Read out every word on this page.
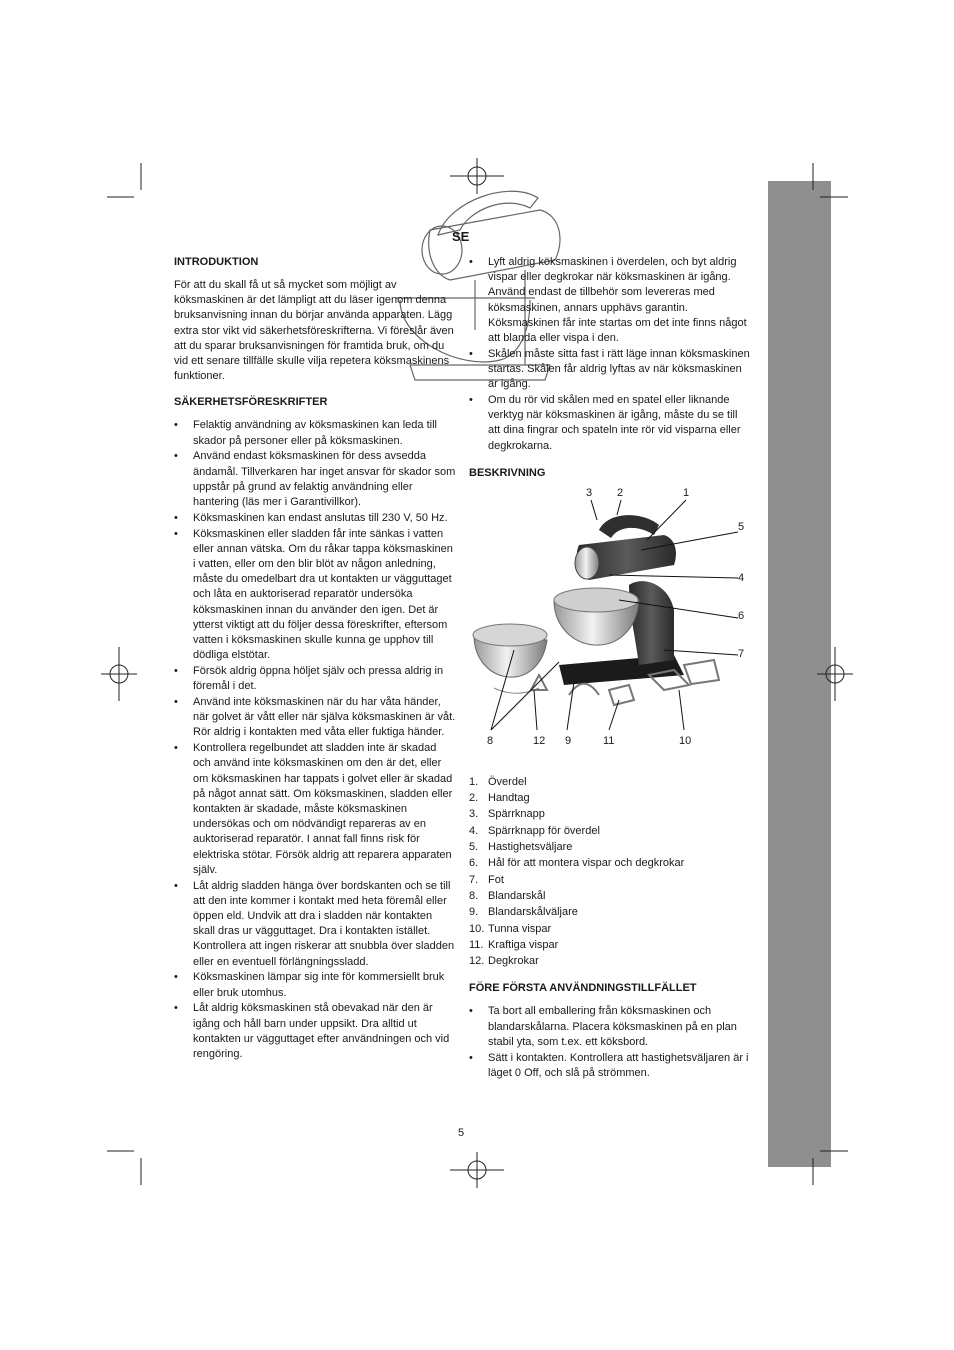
SE
INTRODUKTION

För att du skall få ut så mycket som möjligt av köksmaskinen är det lämpligt att du läser igenom denna bruksanvisning innan du börjar använda apparaten. Lägg extra stor vikt vid säkerhetsföreskrifterna. Vi föreslår även att du sparar bruksanvisningen för framtida bruk, om du vid ett senare tillfälle skulle vilja repetera köksmaskinens funktioner.

SÄKERHETSFÖRESKRIFTER
• Felaktig användning av köksmaskinen kan leda till skador på personer eller på köksmaskinen.
• Använd endast köksmaskinen för dess avsedda ändamål. Tillverkaren har inget ansvar för skador som uppstår på grund av felaktig användning eller hantering (läs mer i Garantivillkor).
• Köksmaskinen kan endast anslutas till 230 V, 50 Hz.
• Köksmaskinen eller sladden får inte sänkas i vatten eller annan vätska. Om du råkar tappa köksmaskinen i vatten, eller om den blir blöt av någon anledning, måste du omedelbart dra ut kontakten ur vägguttaget och låta en auktoriserad reparatör undersöka köksmaskinen innan du använder den igen. Det är ytterst viktigt att du följer dessa föreskrifter, eftersom vatten i köksmaskinen skulle kunna ge upphov till dödliga elstötar.
• Försök aldrig öppna höljet själv och pressa aldrig in föremål i det.
• Använd inte köksmaskinen när du har våta händer, när golvet är vått eller när själva köksmaskinen är våt. Rör aldrig i kontakten med våta eller fuktiga händer.
• Kontrollera regelbundet att sladden inte är skadad och använd inte köksmaskinen om den är det, eller om köksmaskinen har tappats i golvet eller är skadad på något annat sätt. Om köksmaskinen, sladden eller kontakten är skadade, måste köksmaskinen undersökas och om nödvändigt repareras av en auktoriserad reparatör. I annat fall finns risk för elektriska stötar. Försök aldrig att reparera apparaten själv.
• Låt aldrig sladden hänga över bordskanten och se till att den inte kommer i kontakt med heta föremål eller öppen eld. Undvik att dra i sladden när kontakten skall dras ur vägguttaget. Dra i kontakten istället. Kontrollera att ingen riskerar att snubbla över sladden eller en eventuell förlängningssladd.
• Köksmaskinen lämpar sig inte för kommersiellt bruk eller bruk utomhus.
• Låt aldrig köksmaskinen stå obevakad när den är igång och håll barn under uppsikt. Dra alltid ut kontakten ur vägguttaget efter användningen och vid rengöring.
• Lyft aldrig köksmaskinen i överdelen, och byt aldrig vispar eller degkrokar när köksmaskinen är igång. Använd endast de tillbehör som levereras med köksmaskinen, annars upphävs garantin. Köksmaskinen får inte startas om det inte finns något att blanda eller vispa i den.
• Skålen måste sitta fast i rätt läge innan köksmaskinen startas. Skålen får aldrig lyftas av när köksmaskinen är igång.
• Om du rör vid skålen med en spatel eller liknande verktyg när köksmaskinen är igång, måste du se till att dina fingrar och spateln inte rör vid visparna eller degkrokarna.
BESKRIVNING
3 2	1
5
4
6
7
8	12 9	11	10
1. Överdel
2. Handtag
3. Spärrknapp
4. Spärrknapp för överdel
5. Hastighetsväljare
6. Hål för att montera vispar och degkrokar
7. Fot
8. Blandarskål
9. Blandarskålväljare
10. Tunna vispar
11. Kraftiga vispar
12. Degkrokar
FÖRE FÖRSTA ANVÄNDNINGSTILLFÄLLET
• Ta bort all emballering från köksmaskinen och blandarskålarna. Placera köksmaskinen på en plan stabil yta, som t.ex. ett köksbord.
• Sätt i kontakten. Kontrollera att hastighetsväljaren är i läget 0 Off, och slå på strömmen.
5
